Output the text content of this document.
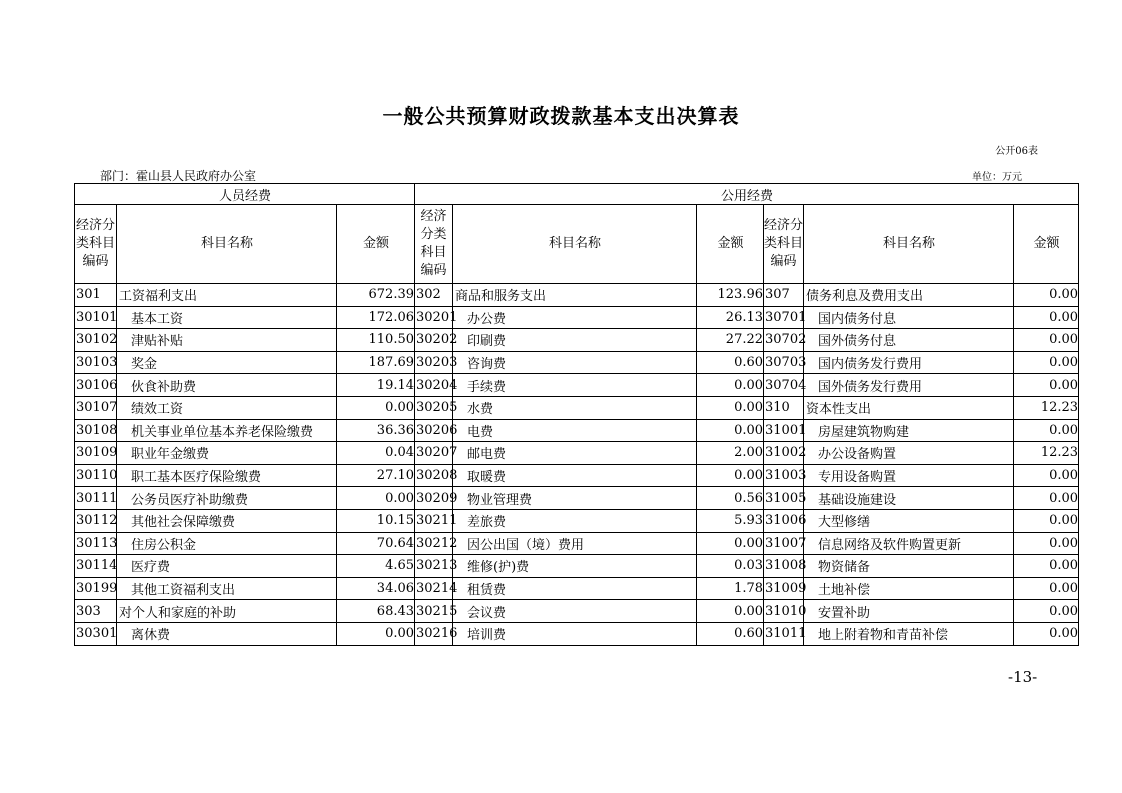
一般公共预算财政拨款基本支出决算表
公开06表
部门：霍山县人民政府办公室	单位：万元
人员经费			公用经费					
经济分类科目编码	科目名称	金额	经济分类科目编码	科目名称	金额	经济分类科目编码	科目名称	金额
301	工资福利支出	672.39	302	商品和服务支出	123.96	307	债务利息及费用支出	0.00
30101	基本工资	172.06	30201	办公费	26.13	30701	国内债务付息	0.00
30102	津贴补贴	110.50	30202	印刷费	27.22	30702	国外债务付息	0.00
30103	奖金	187.69	30203	咨询费	0.60	30703	国内债务发行费用	0.00
30106	伙食补助费	19.14	30204	手续费	0.00	30704	国外债务发行费用	0.00
30107	绩效工资	0.00	30205	水费	0.00	310	资本性支出	12.23
30108	机关事业单位基本养老保险缴费	36.36	30206	电费	0.00	31001	房屋建筑物购建	0.00
30109	职业年金缴费	0.04	30207	邮电费	2.00	31002	办公设备购置	12.23
30110	职工基本医疗保险缴费	27.10	30208	取暖费	0.00	31003	专用设备购置	0.00
30111	公务员医疗补助缴费	0.00	30209	物业管理费	0.56	31005	基础设施建设	0.00
30112	其他社会保障缴费	10.15	30211	差旅费	5.93	31006	大型修缮	0.00
30113	住房公积金	70.64	30212	因公出国（境）费用	0.00	31007	信息网络及软件购置更新	0.00
30114	医疗费	4.65	30213	维修(护)费	0.03	31008	物资储备	0.00
30199	其他工资福利支出	34.06	30214	租赁费	1.78	31009	土地补偿	0.00
303	对个人和家庭的补助	68.43	30215	会议费	0.00	31010	安置补助	0.00
30301	离休费	0.00	30216	培训费	0.60	31011	地上附着物和青苗补偿	0.00
-13-
